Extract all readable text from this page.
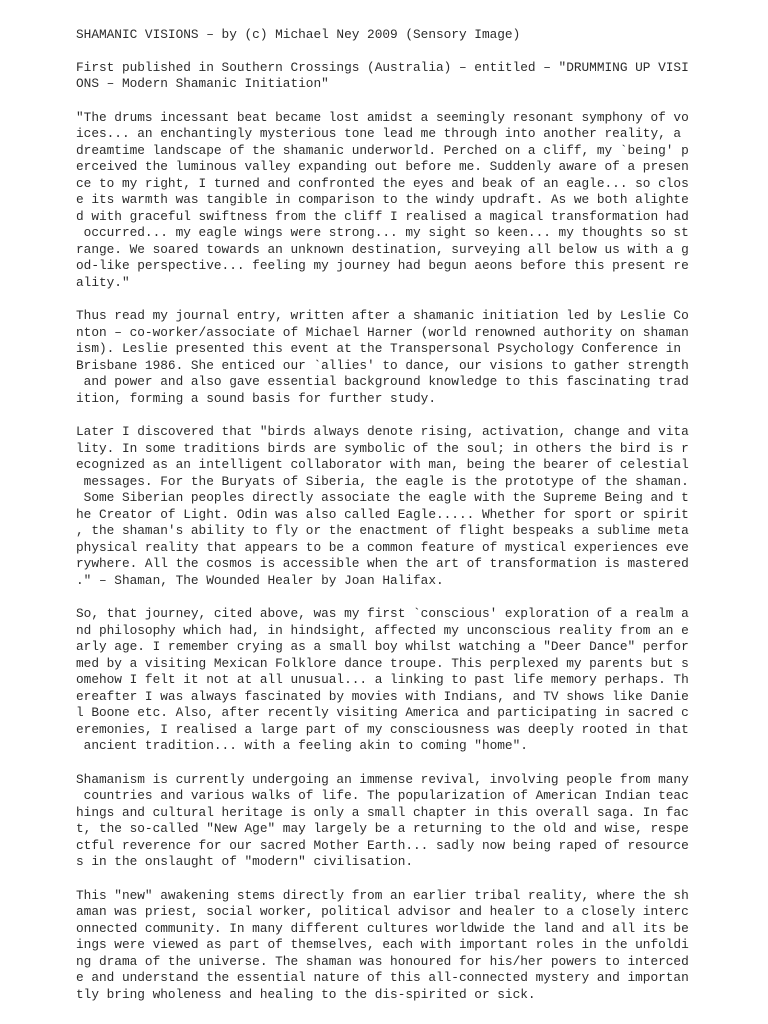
SHAMANIC VISIONS – by (c) Michael Ney 2009 (Sensory Image)
First published in Southern Crossings (Australia) – entitled – "DRUMMING UP VISI
ONS – Modern Shamanic Initiation"
"The drums incessant beat became lost amidst a seemingly resonant symphony of vo
ices... an enchantingly mysterious tone lead me through into another reality, a
dreamtime landscape of the shamanic underworld. Perched on a cliff, my `being' p
erceived the luminous valley expanding out before me. Suddenly aware of a presen
ce to my right, I turned and confronted the eyes and beak of an eagle... so clos
e its warmth was tangible in comparison to the windy updraft. As we both alighte
d with graceful swiftness from the cliff I realised a magical transformation had
occurred... my eagle wings were strong... my sight so keen... my thoughts so st
range. We soared towards an unknown destination, surveying all below us with a g
od-like perspective... feeling my journey had begun aeons before this present re
ality."
Thus read my journal entry, written after a shamanic initiation led by Leslie Co
nton – co-worker/associate of Michael Harner (world renowned authority on shaman
ism). Leslie presented this event at the Transpersonal Psychology Conference in
Brisbane 1986. She enticed our `allies' to dance, our visions to gather strength
and power and also gave essential background knowledge to this fascinating trad
ition, forming a sound basis for further study.
Later I discovered that "birds always denote rising, activation, change and vita
lity. In some traditions birds are symbolic of the soul; in others the bird is r
ecognized as an intelligent collaborator with man, being the bearer of celestial
messages. For the Buryats of Siberia, the eagle is the prototype of the shaman.
Some Siberian peoples directly associate the eagle with the Supreme Being and t
he Creator of Light. Odin was also called Eagle..... Whether for sport or spirit
, the shaman's ability to fly or the enactment of flight bespeaks a sublime meta
physical reality that appears to be a common feature of mystical experiences eve
rywhere. All the cosmos is accessible when the art of transformation is mastered
." – Shaman, The Wounded Healer by Joan Halifax.
So, that journey, cited above, was my first `conscious' exploration of a realm a
nd philosophy which had, in hindsight, affected my unconscious reality from an e
arly age. I remember crying as a small boy whilst watching a "Deer Dance" perfor
med by a visiting Mexican Folklore dance troupe. This perplexed my parents but s
omehow I felt it not at all unusual... a linking to past life memory perhaps. Th
ereafter I was always fascinated by movies with Indians, and TV shows like Danie
l Boone etc. Also, after recently visiting America and participating in sacred c
eremonies, I realised a large part of my consciousness was deeply rooted in that
ancient tradition... with a feeling akin to coming "home".
Shamanism is currently undergoing an immense revival, involving people from many
countries and various walks of life. The popularization of American Indian teac
hings and cultural heritage is only a small chapter in this overall saga. In fac
t, the so-called "New Age" may largely be a returning to the old and wise, respe
ctful reverence for our sacred Mother Earth... sadly now being raped of resource
s in the onslaught of "modern" civilisation.
This "new" awakening stems directly from an earlier tribal reality, where the sh
aman was priest, social worker, political advisor and healer to a closely interc
onnected community. In many different cultures worldwide the land and all its be
ings were viewed as part of themselves, each with important roles in the unfoldi
ng drama of the universe. The shaman was honoured for his/her powers to interced
e and understand the essential nature of this all-connected mystery and importan
tly bring wholeness and healing to the dis-spirited or sick.
